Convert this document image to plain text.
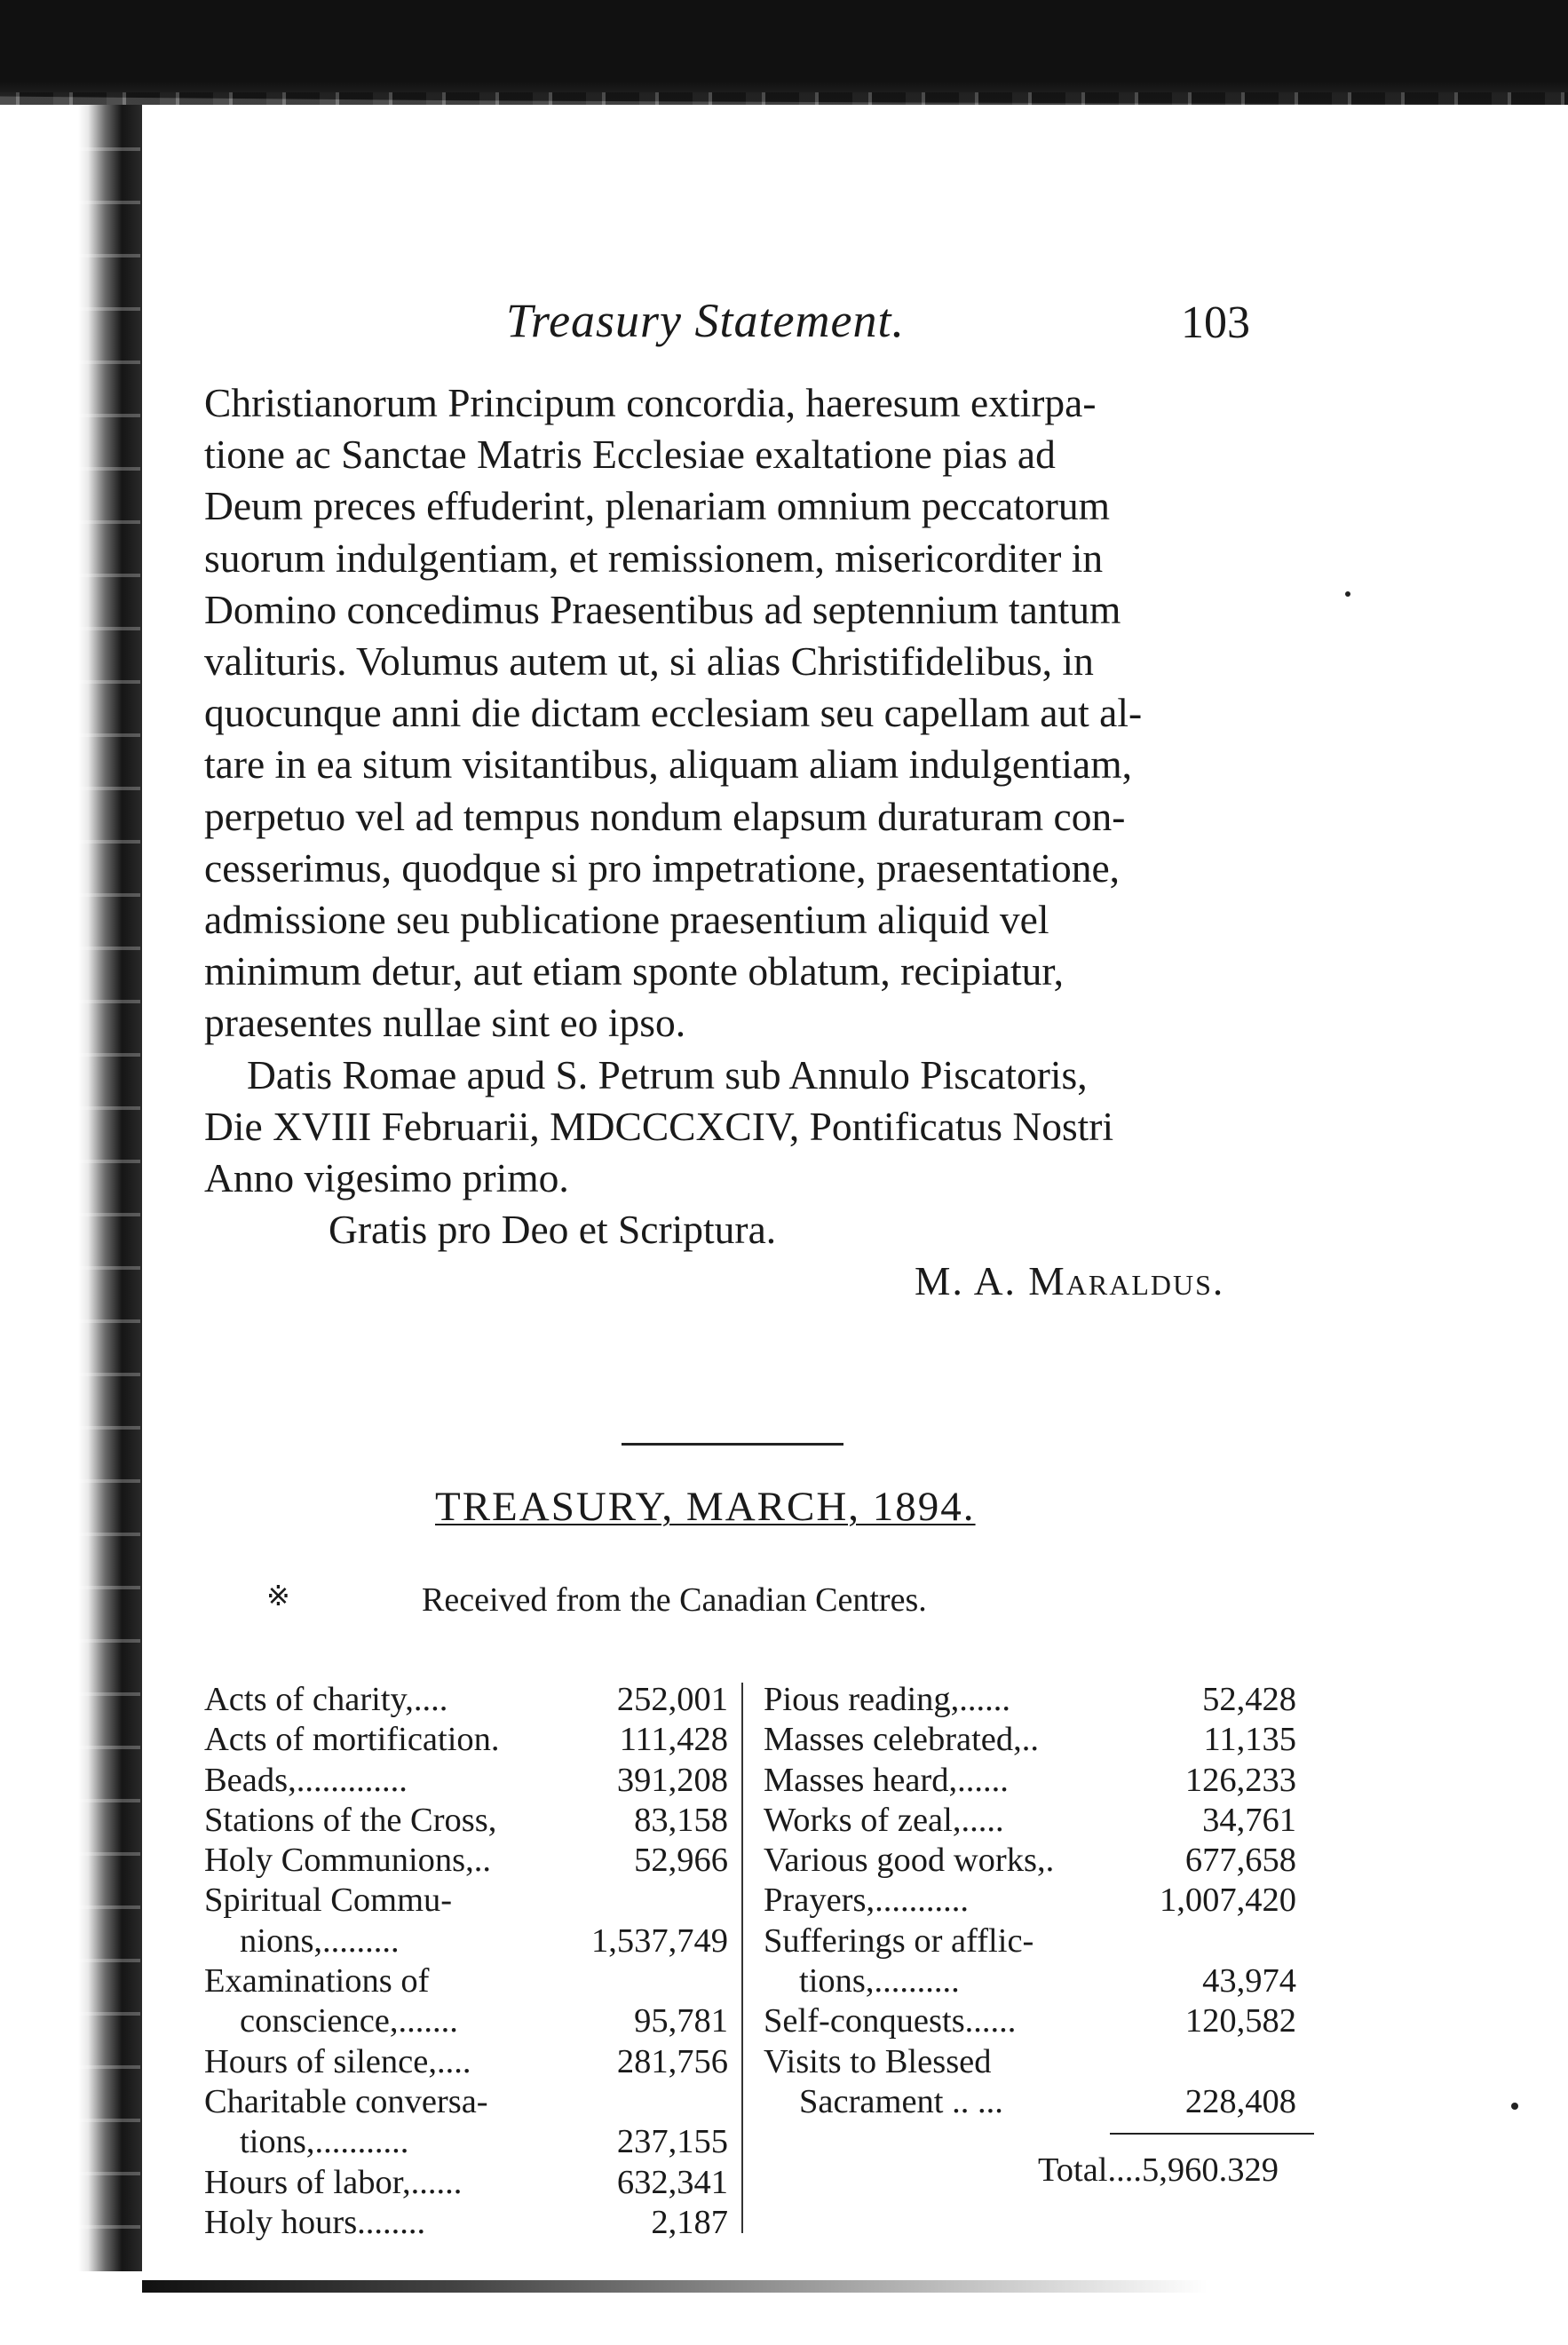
Treasury Statement.	103

Christianorum Principum concordia, haeresum extirpa-

tione ac Sanctae Matris Ecclesiae exaltatione pias ad

Deum preces effuderint, plenariam omnium peccatorum

suorum indulgentiam, et remissionem, misericorditer in

Domino concedimus Praesentibus ad septennium tantum

valituris. Volumus autem ut, si alias Christifidelibus, in

quocunque anni die dictam ecclesiam seu capellam aut al-

tare in ea situm visitantibus, aliquam aliam indulgentiam,

perpetuo vel ad tempus nondum elapsum duraturam con-

cesserimus, quodque si pro impetratione, praesentatione,

admissione seu publicatione praesentium aliquid vel

minimum detur, aut etiam sponte oblatum, recipiatur,

praesentes nullae sint eo ipso.

Datis Romae apud S. Petrum sub Annulo Piscatoris,

Die XVIII Februarii, MDCCCXCIV, Pontificatus Nostri

Anno vigesimo primo.

Gratis pro Deo et Scriptura.

M. A. Maraldus.

TREASURY, MARCH, 1894.
※	Received from the Canadian Centres.
Acts of charity,....	252,001
Acts of mortification.	111,428
Beads,.............	391,208
Stations of the Cross,	83,158
Holy Communions,..	52,966
Spiritual Commu-
nions,.........	1,537,749
Examinations of
conscience,.......	95,781
Hours of silence,....	281,756
Charitable conversa-
tions,...........	237,155
Hours of labor,......	632,341
Holy hours........	2,187
Pious reading,......	52,428
Masses celebrated,..	11,135
Masses heard,......	126,233
Works of zeal,.....	34,761
Various good works,.	677,658
Prayers,...........	1,007,420
Sufferings or afflic-
tions,..........	43,974
Self-conquests......	120,582
Visits to Blessed
Sacrament .. ...	228,408
Total....5,960.329
